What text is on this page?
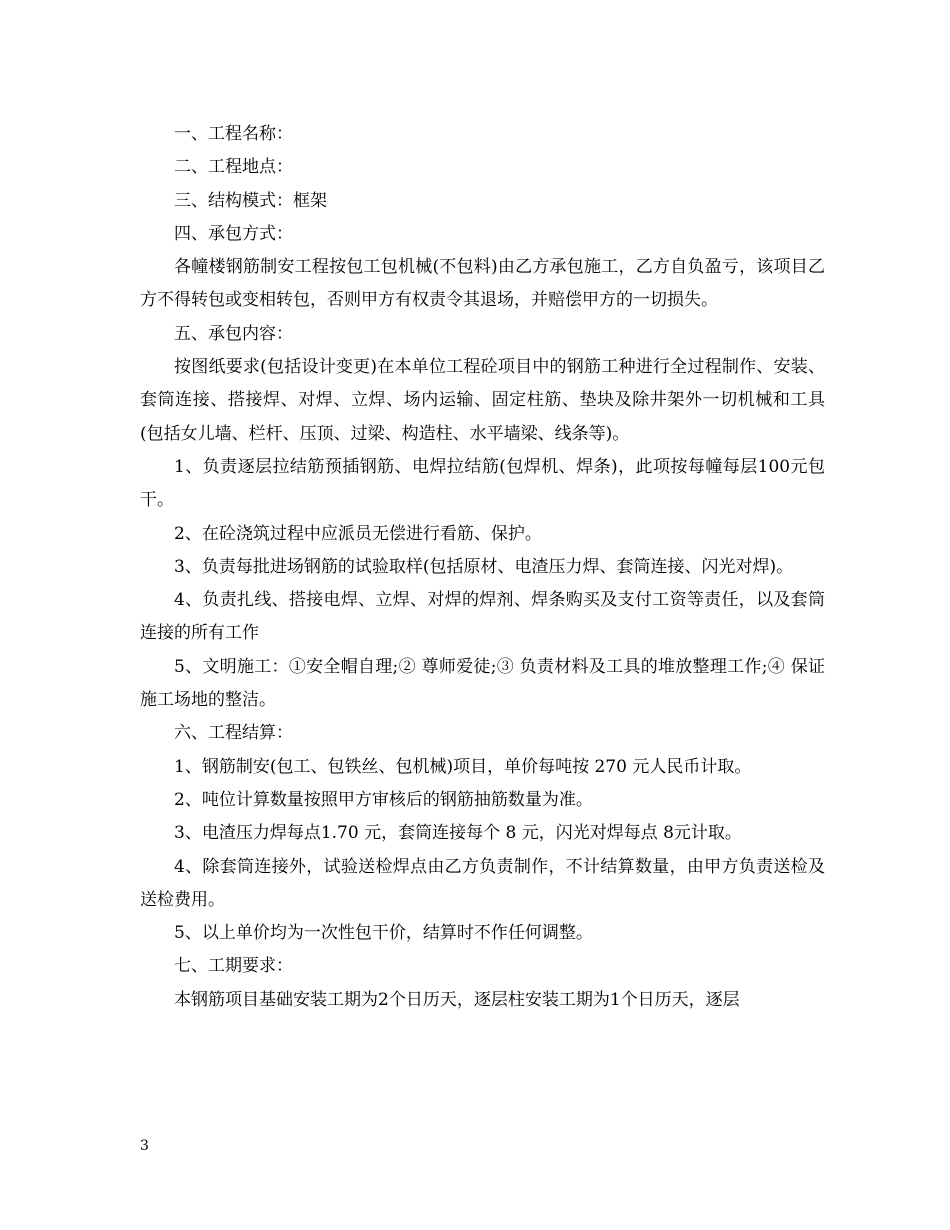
一、工程名称：

二、工程地点：

三、结构模式：框架

四、承包方式：

各幢楼钢筋制安工程按包工包机械(不包料)由乙方承包施工，乙方自负盈亏，该项目乙方不得转包或变相转包，否则甲方有权责令其退场，并赔偿甲方的一切损失。

五、承包内容：

按图纸要求(包括设计变更)在本单位工程砼项目中的钢筋工种进行全过程制作、安装、套筒连接、搭接焊、对焊、立焊、场内运输、固定柱筋、垫块及除井架外一切机械和工具(包括女儿墙、栏杆、压顶、过梁、构造柱、水平墙梁、线条等)。

1、负责逐层拉结筋预插钢筋、电焊拉结筋(包焊机、焊条)，此项按每幢每层100元包干。

2、在砼浇筑过程中应派员无偿进行看筋、保护。

3、负责每批进场钢筋的试验取样(包括原材、电渣压力焊、套筒连接、闪光对焊)。

4、负责扎线、搭接电焊、立焊、对焊的焊剂、焊条购买及支付工资等责任，以及套筒连接的所有工作

5、文明施工：①安全帽自理;② 尊师爱徒;③ 负责材料及工具的堆放整理工作;④ 保证施工场地的整洁。

六、工程结算：

1、钢筋制安(包工、包铁丝、包机械)项目，单价每吨按 270 元人民币计取。

2、吨位计算数量按照甲方审核后的钢筋抽筋数量为准。

3、电渣压力焊每点1.70 元，套筒连接每个 8 元，闪光对焊每点 8元计取。

4、除套筒连接外，试验送检焊点由乙方负责制作，不计结算数量，由甲方负责送检及送检费用。

5、以上单价均为一次性包干价，结算时不作任何调整。

七、工期要求：

本钢筋项目基础安装工期为2个日历天，逐层柱安装工期为1个日历天，逐层

3
